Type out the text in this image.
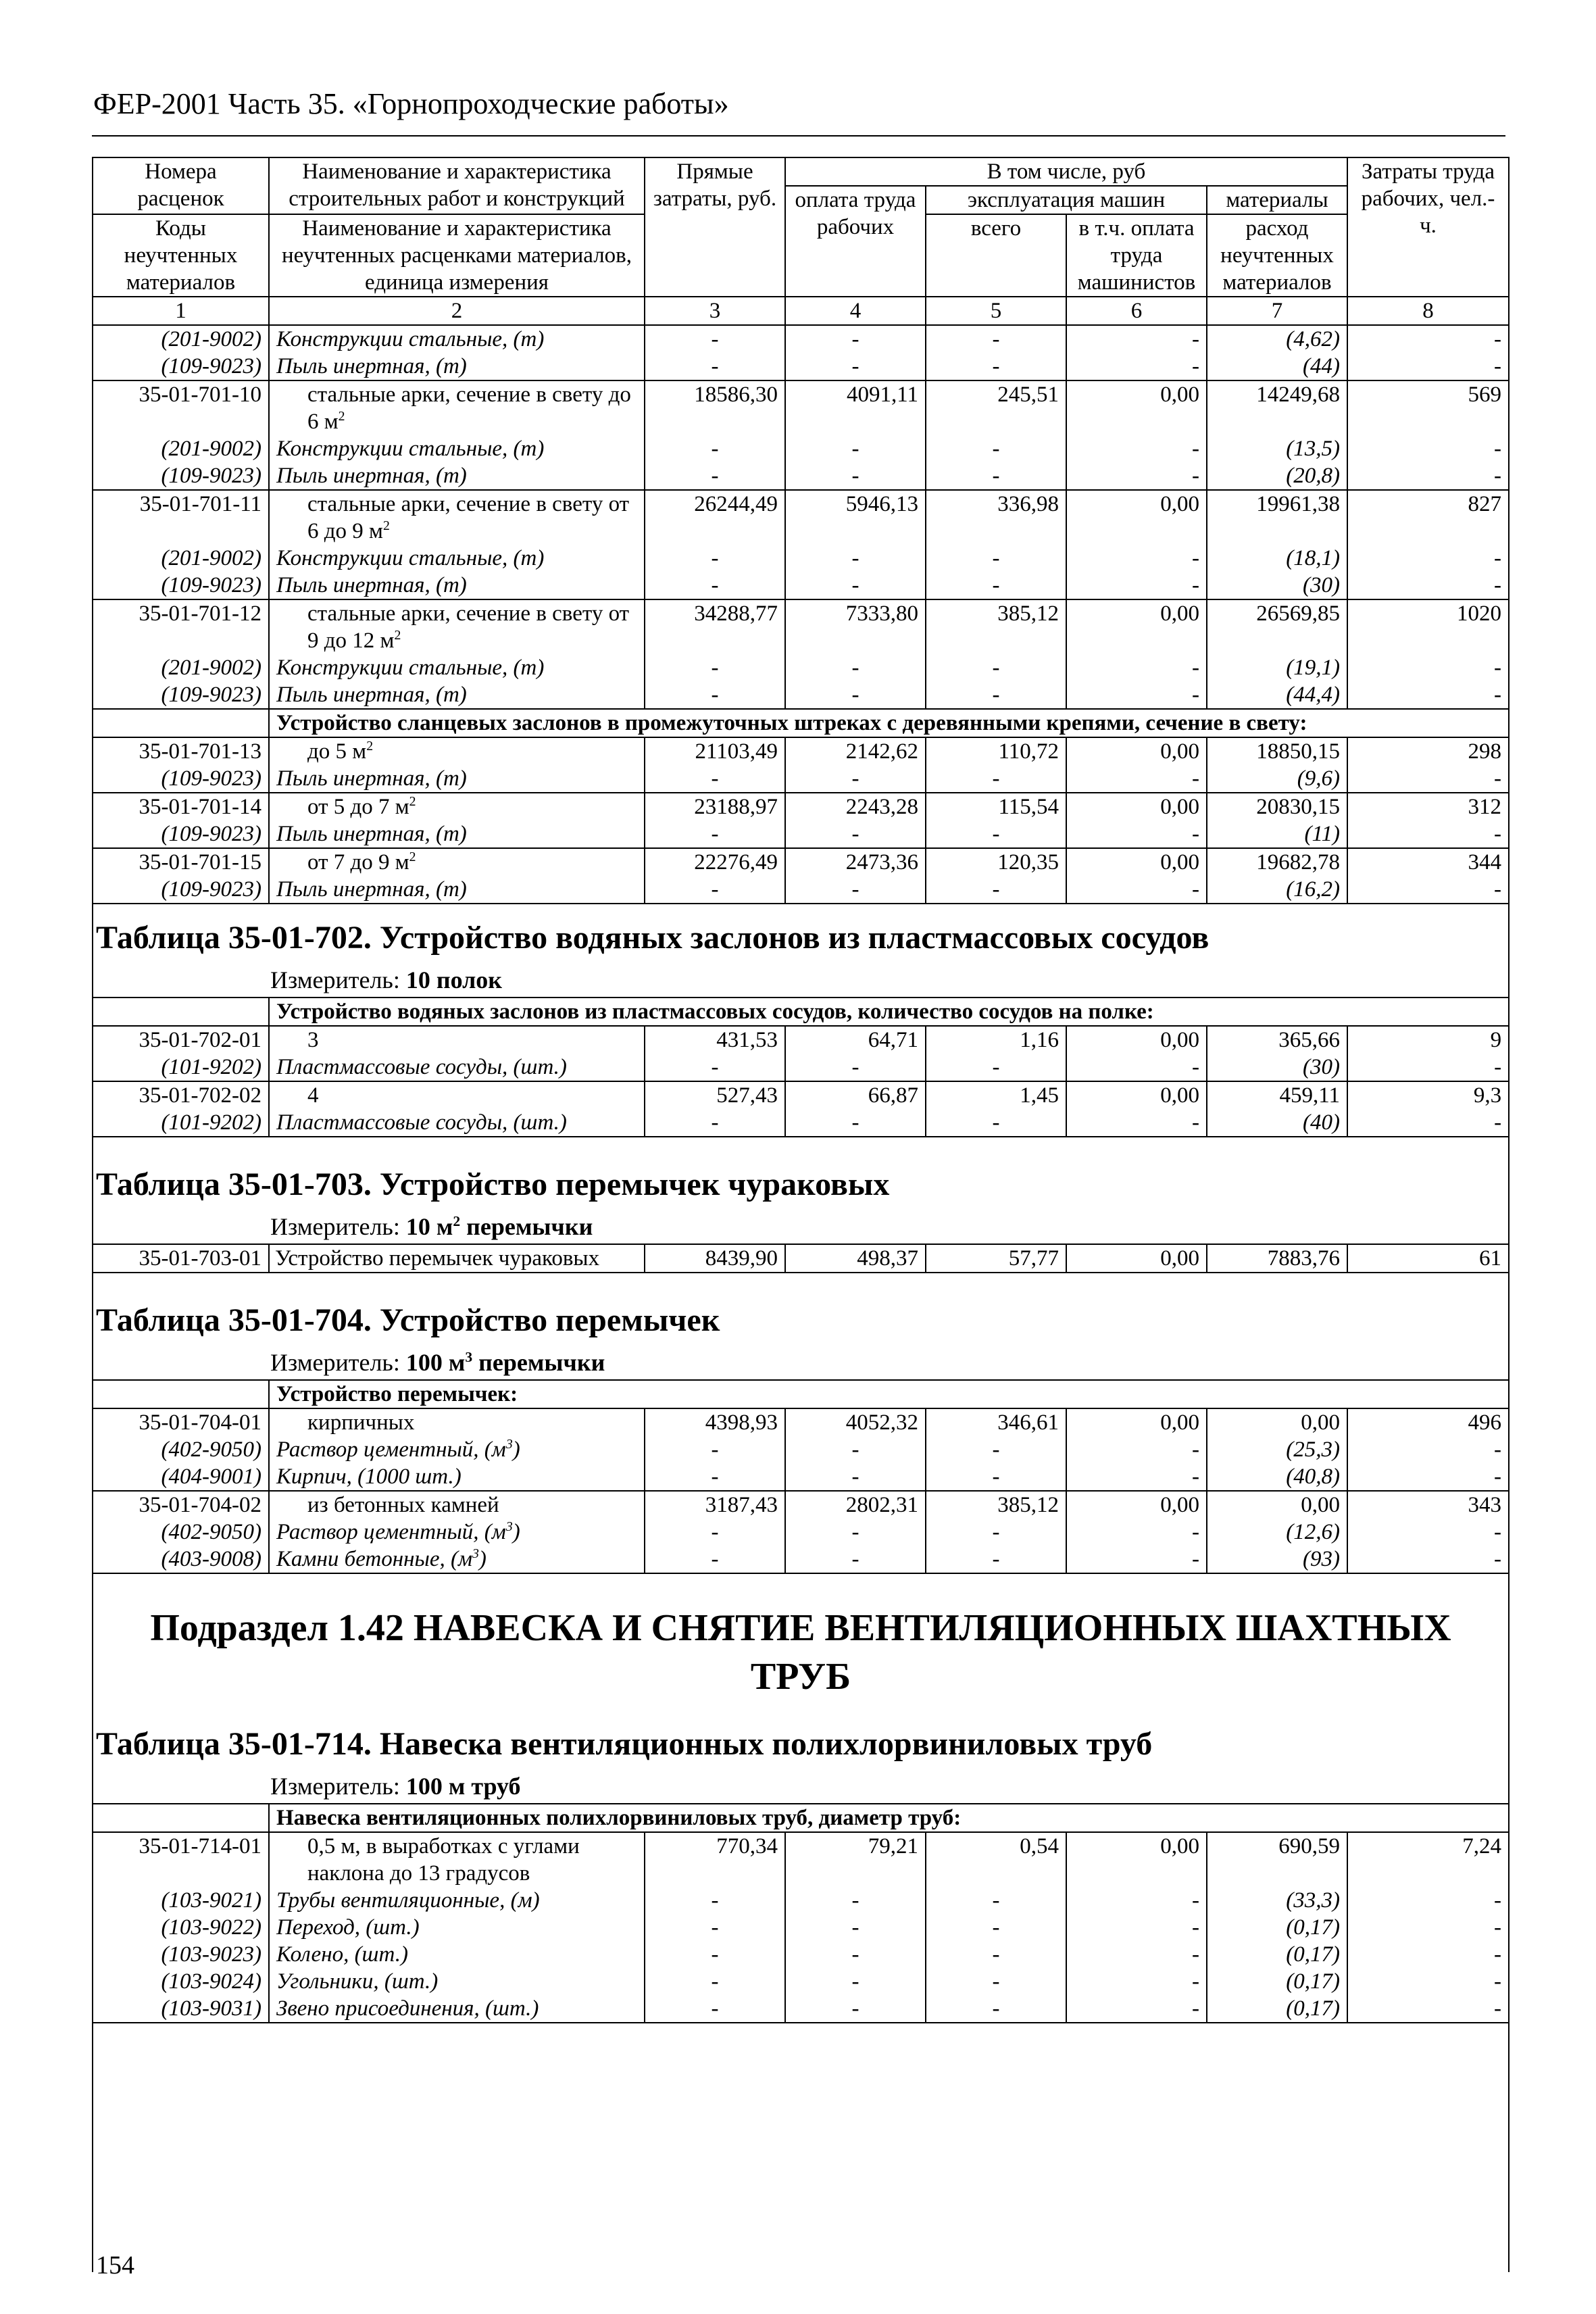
ФЕР-2001 Часть 35. «Горнопроходческие работы»
Номера расценок	Наименование и характеристика строительных работ и конструкций	Прямые затраты, руб.	В том числе, руб				Затраты труда рабочих, чел.-ч.
			оплата труда рабочих	эксплуатация машин		материалы	
Коды неучтенных материалов	Наименование и характеристика неучтенных расценками материалов, единица измерения			всего	в т.ч. оплата труда машинистов	расход неучтенных материалов	

1	2	3	4	5	6	7	8
(201-9002)	Конструкции стальные, (т)	-	-	-	-	(4,62)	-
(109-9023)	Пыль инертная, (т)	-	-	-	-	(44)	-
35-01-701-10	стальные арки, сечение в свету до 6 $м^2$	18586,30	4091,11	245,51	0,00	14249,68	569
(201-9002)	Конструкции стальные, (т)	-	-	-	-	(13,5)	-
(109-9023)	Пыль инертная, (т)	-	-	-	-	(20,8)	-
35-01-701-11	стальные арки, сечение в свету от 6 до 9 $м^2$	26244,49	5946,13	336,98	0,00	19961,38	827
(201-9002)	Конструкции стальные, (т)	-	-	-	-	(18,1)	-
(109-9023)	Пыль инертная, (т)	-	-	-	-	(30)	-
35-01-701-12	стальные арки, сечение в свету от 9 до 12 $м^2$	34288,77	7333,80	385,12	0,00	26569,85	1020
(201-9002)	Конструкции стальные, (т)	-	-	-	-	(19,1)	-
(109-9023)	Пыль инертная, (т)	-	-	-	-	(44,4)	-
	Устройство сланцевых заслонов в промежуточных штреках с деревянными крепями, сечение в свету:						
35-01-701-13	до 5 $м^2$	21103,49	2142,62	110,72	0,00	18850,15	298
(109-9023)	Пыль инертная, (т)	-	-	-	-	(9,6)	-
35-01-701-14	от 5 до 7 $м^2$	23188,97	2243,28	115,54	0,00	20830,15	312
(109-9023)	Пыль инертная, (т)	-	-	-	-	(11)	-
35-01-701-15	от 7 до 9 $м^2$	22276,49	2473,36	120,35	0,00	19682,78	344
(109-9023)	Пыль инертная, (т)	-	-	-	-	(16,2)	-
Таблица 35-01-702. Устройство водяных заслонов из пластмассовых сосудов
Измеритель: 10 полок
	Устройство водяных заслонов из пластмассовых сосудов, количество сосудов на полке:						
35-01-702-01	3	431,53	64,71	1,16	0,00	365,66	9
(101-9202)	Пластмассовые сосуды, (шт.)	-	-	-	-	(30)	-
35-01-702-02	4	527,43	66,87	1,45	0,00	459,11	9,3
(101-9202)	Пластмассовые сосуды, (шт.)	-	-	-	-	(40)	-
Таблица 35-01-703. Устройство перемычек чураковых
Измеритель: 10 $м^2$ перемычки
35-01-703-01	Устройство перемычек чураковых	8439,90	498,37	57,77	0,00	7883,76	61
Таблица 35-01-704. Устройство перемычек
Измеритель: 100 $м^3$ перемычки
	Устройство перемычек:						
35-01-704-01	кирпичных	4398,93	4052,32	346,61	0,00	0,00	496
(402-9050)	Раствор цементный, $(м^3)$	-	-	-	-	(25,3)	-
(404-9001)	Кирпич, (1000 шт.)	-	-	-	-	(40,8)	-
35-01-704-02	из бетонных камней	3187,43	2802,31	385,12	0,00	0,00	343
(402-9050)	Раствор цементный, $(м^3)$	-	-	-	-	(12,6)	-
(403-9008)	Камни бетонные, $(м^3)$	-	-	-	-	(93)	-
Подраздел 1.42 НАВЕСКА И СНЯТИЕ ВЕНТИЛЯЦИОННЫХ ШАХТНЫХ ТРУБ
Таблица 35-01-714. Навеска вентиляционных полихлорвиниловых труб
Измеритель: 100 м труб
	Навеска вентиляционных полихлорвиниловых труб, диаметр труб:						
35-01-714-01	0,5 м, в выработках с углами наклона до 13 градусов	770,34	79,21	0,54	0,00	690,59	7,24
(103-9021)	Трубы вентиляционные, (м)	-	-	-	-	(33,3)	-
(103-9022)	Переход, (шт.)	-	-	-	-	(0,17)	-
(103-9023)	Колено, (шт.)	-	-	-	-	(0,17)	-
(103-9024)	Угольники, (шт.)	-	-	-	-	(0,17)	-
(103-9031)	Звено присоединения, (шт.)	-	-	-	-	(0,17)	-
154
